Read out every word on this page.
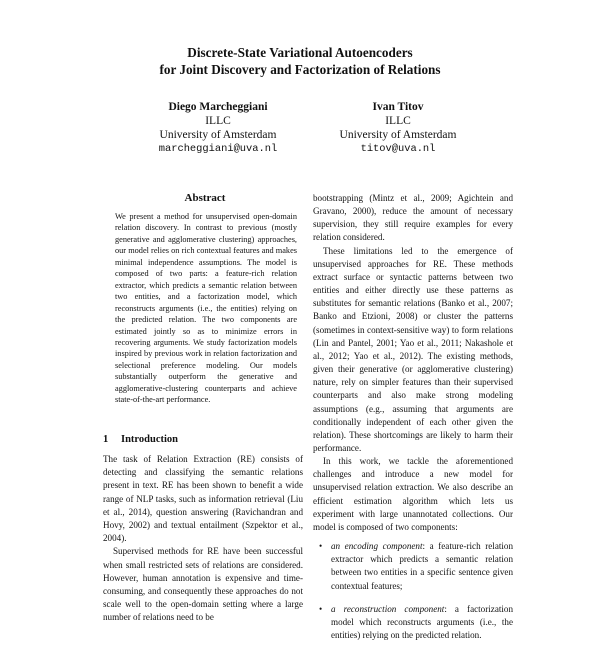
Discrete-State Variational Autoencoders
for Joint Discovery and Factorization of Relations
Diego Marcheggiani
ILLC
University of Amsterdam
marcheggiani@uva.nl
Ivan Titov
ILLC
University of Amsterdam
titov@uva.nl
Abstract
We present a method for unsupervised open-domain relation discovery. In contrast to previous (mostly generative and agglomerative clustering) approaches, our model relies on rich contextual features and makes minimal independence assumptions. The model is composed of two parts: a feature-rich relation extractor, which predicts a semantic relation between two entities, and a factorization model, which reconstructs arguments (i.e., the entities) relying on the predicted relation. The two components are estimated jointly so as to minimize errors in recovering arguments. We study factorization models inspired by previous work in relation factorization and selectional preference modeling. Our models substantially outperform the generative and agglomerative-clustering counterparts and achieve state-of-the-art performance.
1 Introduction

The task of Relation Extraction (RE) consists of detecting and classifying the semantic relations present in text. RE has been shown to benefit a wide range of NLP tasks, such as information retrieval (Liu et al., 2014), question answering (Ravichandran and Hovy, 2002) and textual entailment (Szpektor et al., 2004).

Supervised methods for RE have been successful when small restricted sets of relations are considered. However, human annotation is expensive and time-consuming, and consequently these approaches do not scale well to the open-domain setting where a large number of relations need to be

bootstrapping (Mintz et al., 2009; Agichtein and Gravano, 2000), reduce the amount of necessary supervision, they still require examples for every relation considered.

These limitations led to the emergence of unsupervised approaches for RE. These methods extract surface or syntactic patterns between two entities and either directly use these patterns as substitutes for semantic relations (Banko et al., 2007; Banko and Etzioni, 2008) or cluster the patterns (sometimes in context-sensitive way) to form relations (Lin and Pantel, 2001; Yao et al., 2011; Nakashole et al., 2012; Yao et al., 2012). The existing methods, given their generative (or agglomerative clustering) nature, rely on simpler features than their supervised counterparts and also make strong modeling assumptions (e.g., assuming that arguments are conditionally independent of each other given the relation). These shortcomings are likely to harm their performance.

In this work, we tackle the aforementioned challenges and introduce a new model for unsupervised relation extraction. We also describe an efficient estimation algorithm which lets us experiment with large unannotated collections. Our model is composed of two components:

• an encoding component: a feature-rich relation extractor which predicts a semantic relation between two entities in a specific sentence given contextual features;
• a reconstruction component: a factorization model which reconstructs arguments (i.e., the entities) relying on the predicted relation.
